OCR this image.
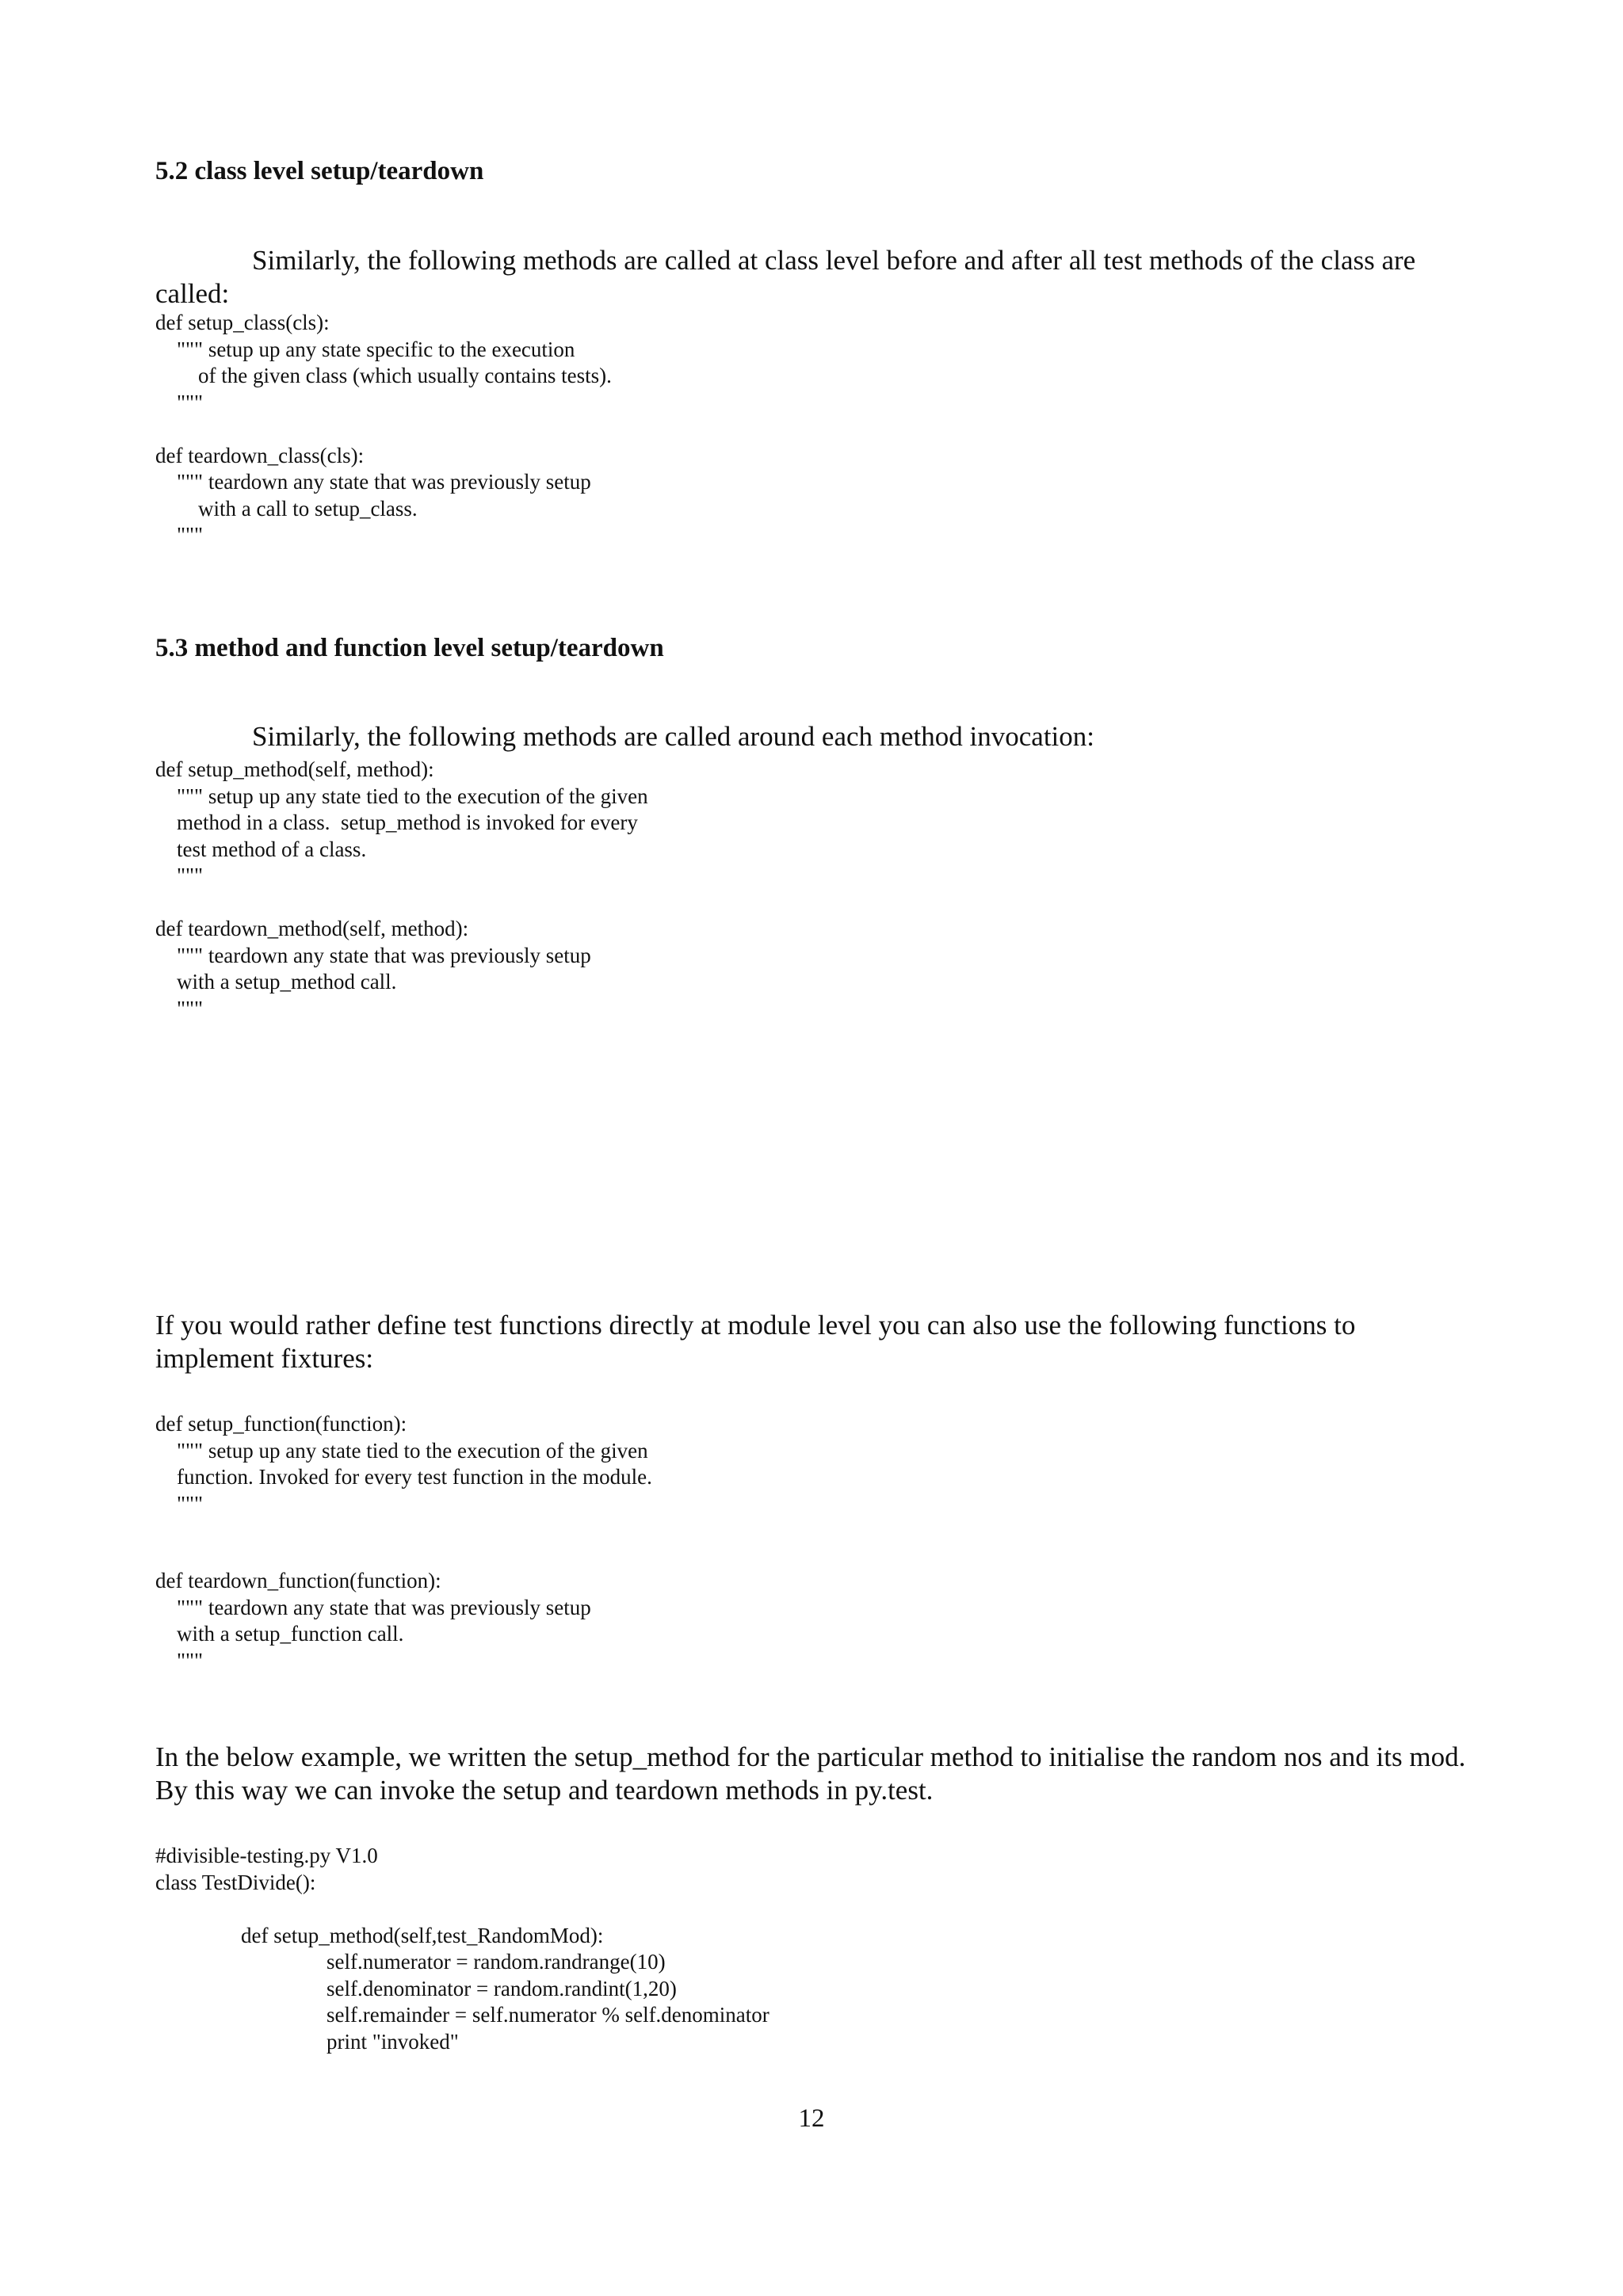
5.2 class level setup/teardown

Similarly, the following methods are called at class level before and after all test methods of the class are called:

def setup_class(cls):
""" setup up any state specific to the execution
of the given class (which usually contains tests).
"""

def teardown_class(cls):
""" teardown any state that was previously setup
with a call to setup_class.
"""
5.3 method and function level setup/teardown

Similarly, the following methods are called around each method invocation:

def setup_method(self, method):
""" setup up any state tied to the execution of the given
method in a class.  setup_method is invoked for every
test method of a class.
"""

def teardown_method(self, method):
""" teardown any state that was previously setup
with a setup_method call.
"""

If you would rather define test functions directly at module level you can also use the following functions to implement fixtures:

def setup_function(function):
""" setup up any state tied to the execution of the given
function. Invoked for every test function in the module.
"""
def teardown_function(function):
""" teardown any state that was previously setup
with a setup_function call.
"""

In the below example, we written the setup_method for the particular method to initialise the random nos and its mod. By this way we can invoke the setup and teardown methods in py.test.

#divisible-testing.py V1.0
class TestDivide():

def setup_method(self,test_RandomMod):
self.numerator = random.randrange(10)
self.denominator = random.randint(1,20)
self.remainder = self.numerator % self.denominator
print "invoked"
12
